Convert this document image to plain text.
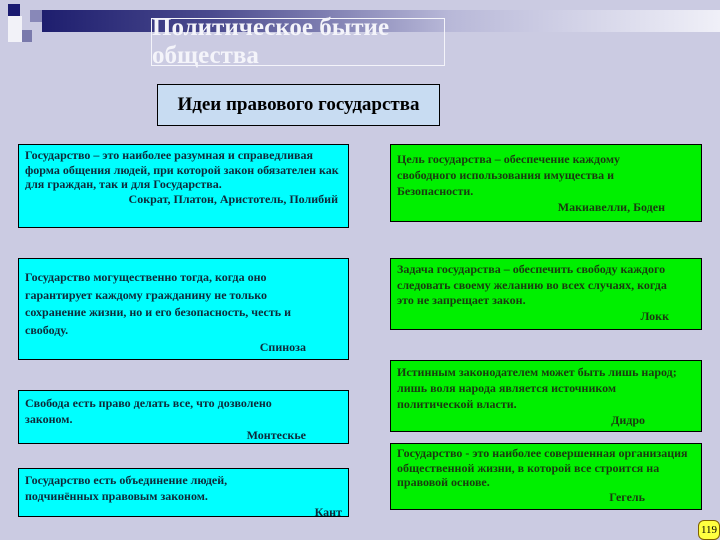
Политическое бытие общества
Идеи правового государства
Государство – это наиболее разумная и справедливая форма общения людей, при которой закон обязателен как для граждан, так и для Государства.
Сократ, Платон, Аристотель, Полибий
Государство могущественно тогда, когда оно гарантирует каждому гражданину не только сохранение жизни, но и его безопасность, честь и свободу.
Спиноза
Свобода есть право делать все, что дозволено законом.
Монтескье
Государство есть объединение людей, подчинённых правовым законом.
Кант
Цель государства – обеспечение каждому свободного использования имущества и Безопасности.
Макиавелли, Боден
Задача государства – обеспечить свободу каждого следовать своему желанию во всех случаях, когда это не запрещает закон.
Локк
Истинным законодателем может быть лишь народ; лишь воля народа является источником политической власти.
Дидро
Государство - это наиболее совершенная организация общественной жизни, в которой все строится на правовой основе.
Гегель
119
